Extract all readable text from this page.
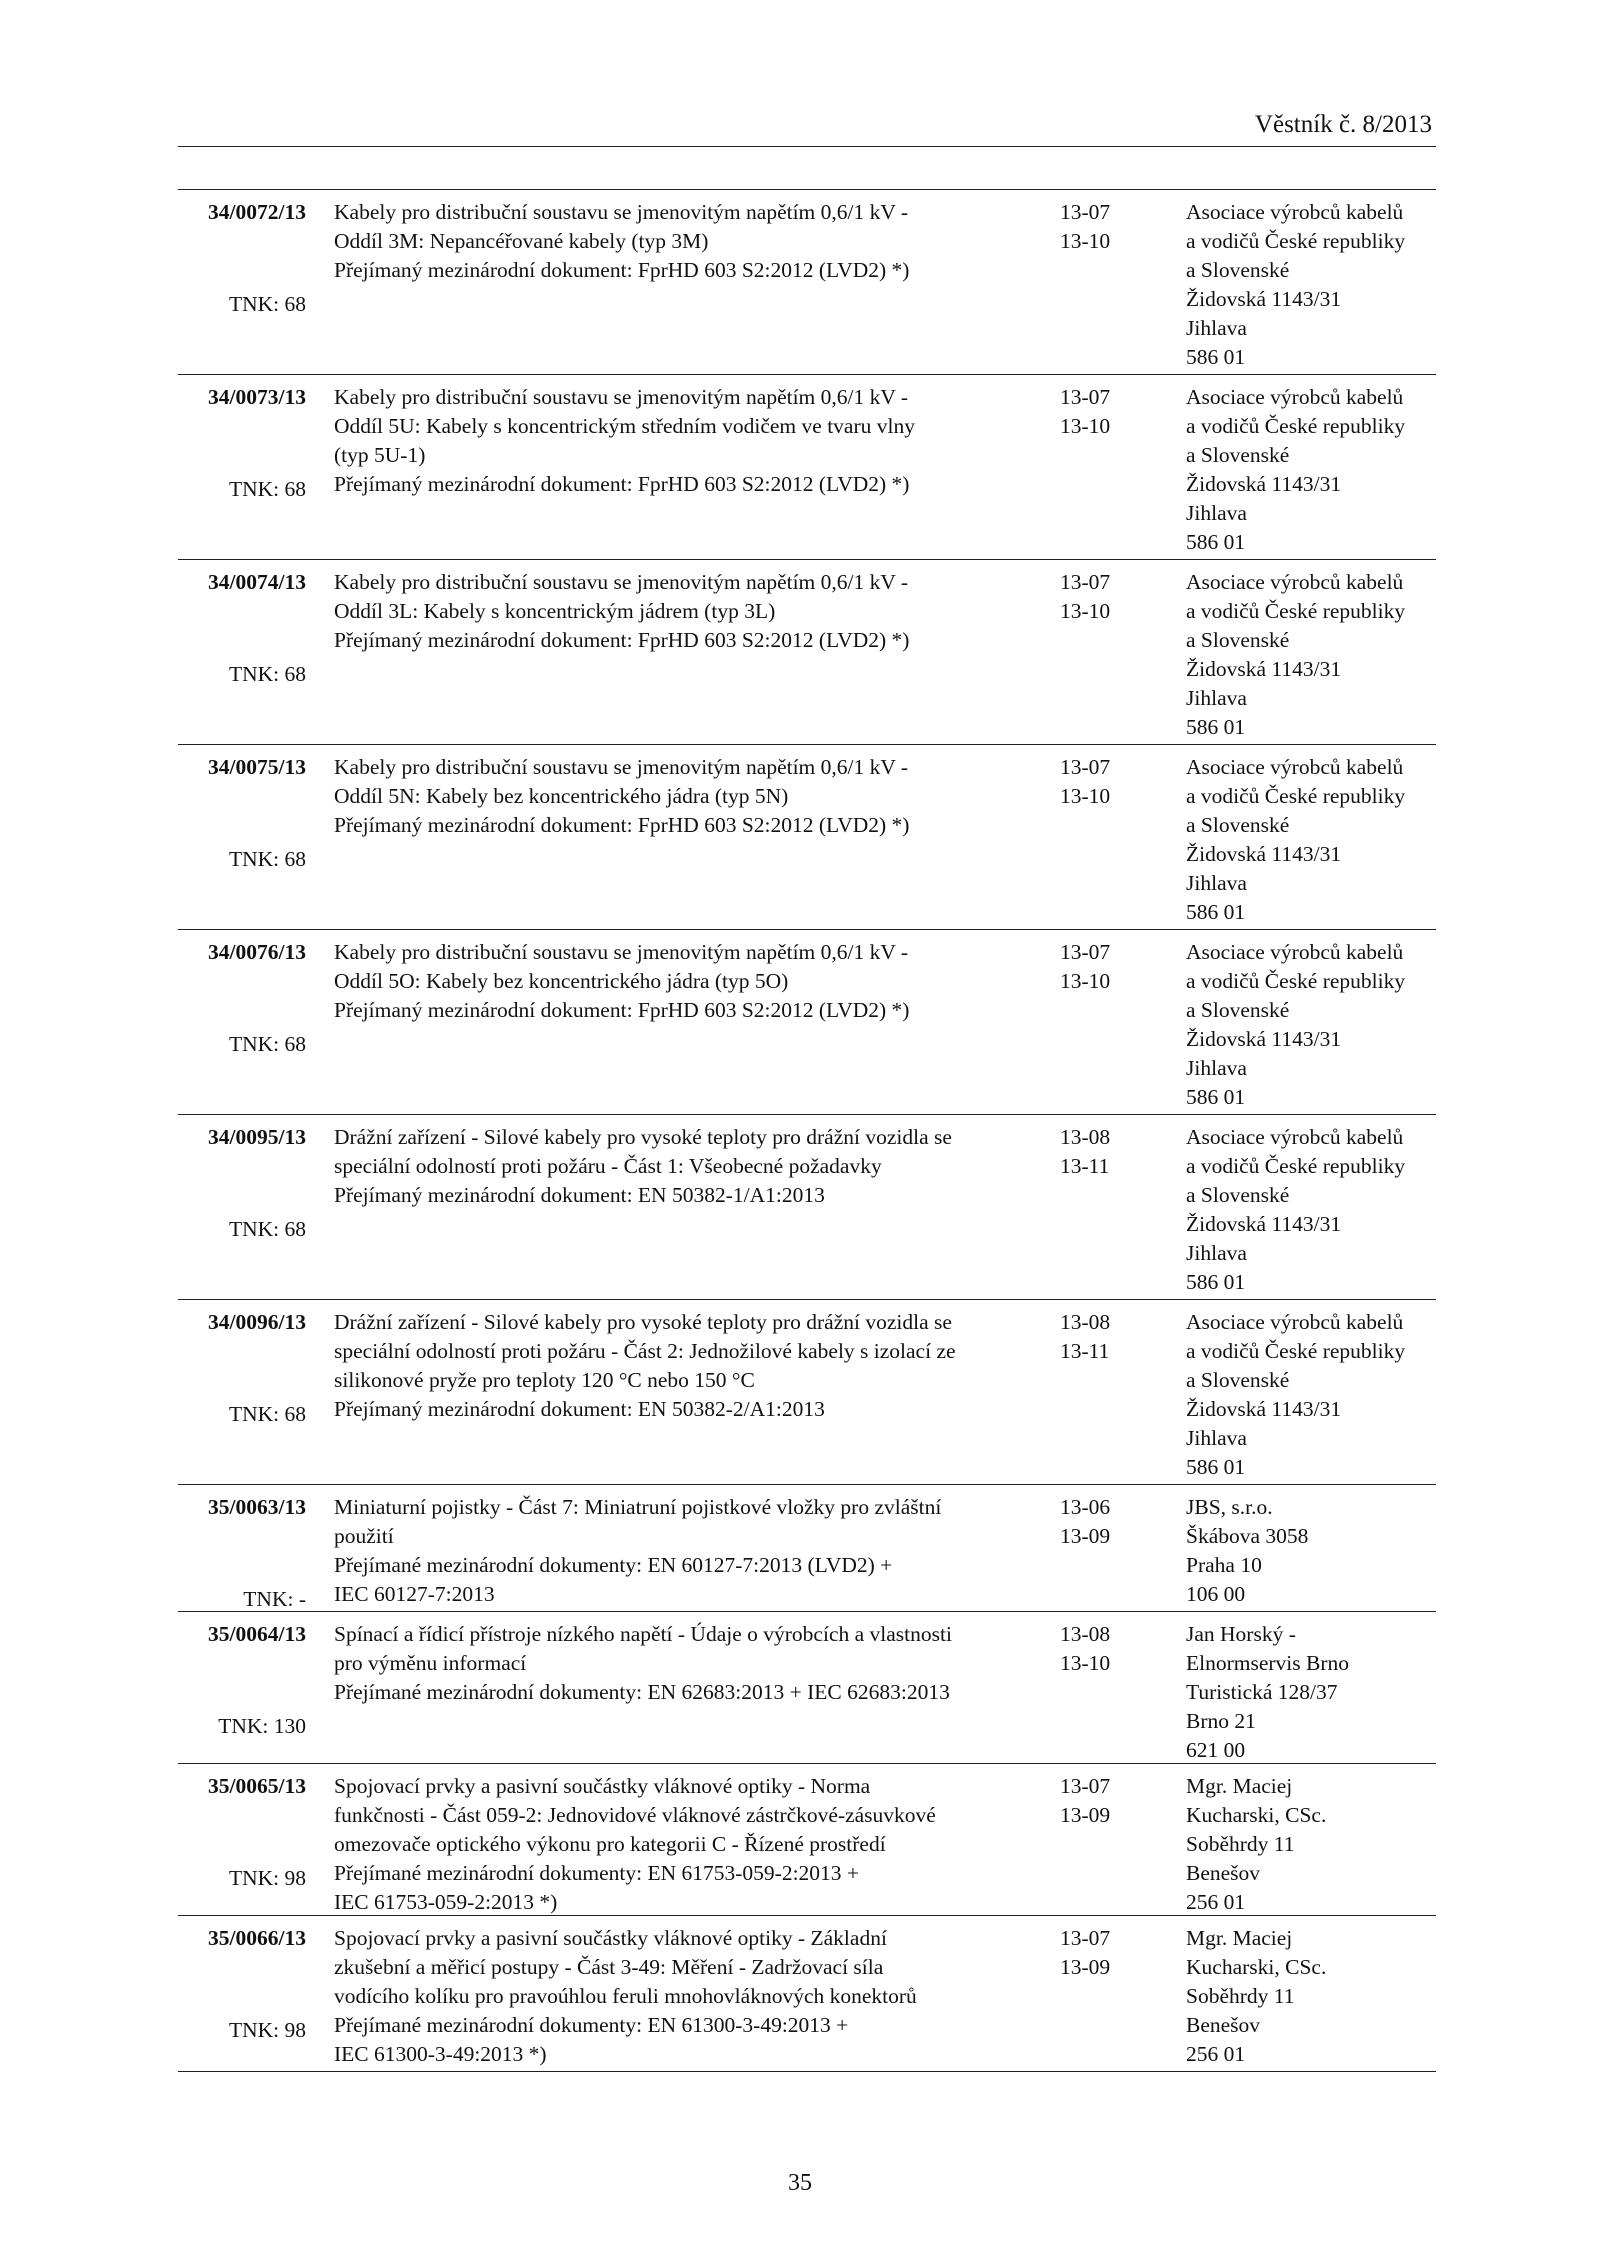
Věstník č. 8/2013
34/0072/13
TNK: 68
Kabely pro distribuční soustavu se jmenovitým napětím 0,6/1 kV -
Oddíl 3M: Nepancéřované kabely (typ 3M)
Přejímaný mezinárodní dokument: FprHD 603 S2:2012 (LVD2) *)
13-07
13-10
Asociace výrobců kabelů
a vodičů České republiky
a Slovenské
Židovská 1143/31
Jihlava
586 01
34/0073/13
TNK: 68
Kabely pro distribuční soustavu se jmenovitým napětím 0,6/1 kV -
Oddíl 5U: Kabely s koncentrickým středním vodičem ve tvaru vlny
(typ 5U-1)
Přejímaný mezinárodní dokument: FprHD 603 S2:2012 (LVD2) *)
13-07
13-10
Asociace výrobců kabelů
a vodičů České republiky
a Slovenské
Židovská 1143/31
Jihlava
586 01
34/0074/13
TNK: 68
Kabely pro distribuční soustavu se jmenovitým napětím 0,6/1 kV -
Oddíl 3L: Kabely s koncentrickým jádrem (typ 3L)
Přejímaný mezinárodní dokument: FprHD 603 S2:2012 (LVD2) *)
13-07
13-10
Asociace výrobců kabelů
a vodičů České republiky
a Slovenské
Židovská 1143/31
Jihlava
586 01
34/0075/13
TNK: 68
Kabely pro distribuční soustavu se jmenovitým napětím 0,6/1 kV -
Oddíl 5N: Kabely bez koncentrického jádra (typ 5N)
Přejímaný mezinárodní dokument: FprHD 603 S2:2012 (LVD2) *)
13-07
13-10
Asociace výrobců kabelů
a vodičů České republiky
a Slovenské
Židovská 1143/31
Jihlava
586 01
34/0076/13
TNK: 68
Kabely pro distribuční soustavu se jmenovitým napětím 0,6/1 kV -
Oddíl 5O: Kabely bez koncentrického jádra (typ 5O)
Přejímaný mezinárodní dokument: FprHD 603 S2:2012 (LVD2) *)
13-07
13-10
Asociace výrobců kabelů
a vodičů České republiky
a Slovenské
Židovská 1143/31
Jihlava
586 01
34/0095/13
TNK: 68
Drážní zařízení - Silové kabely pro vysoké teploty pro drážní vozidla se
speciální odolností proti požáru - Část 1: Všeobecné požadavky
Přejímaný mezinárodní dokument: EN 50382-1/A1:2013
13-08
13-11
Asociace výrobců kabelů
a vodičů České republiky
a Slovenské
Židovská 1143/31
Jihlava
586 01
34/0096/13
TNK: 68
Drážní zařízení - Silové kabely pro vysoké teploty pro drážní vozidla se
speciální odolností proti požáru - Část 2: Jednožilové kabely s izolací ze
silikonové pryže pro teploty 120 °C nebo 150 °C
Přejímaný mezinárodní dokument: EN 50382-2/A1:2013
13-08
13-11
Asociace výrobců kabelů
a vodičů České republiky
a Slovenské
Židovská 1143/31
Jihlava
586 01
35/0063/13
TNK: -
Miniaturní pojistky - Část 7: Miniatruní pojistkové vložky pro zvláštní
použití
Přejímané mezinárodní dokumenty: EN 60127-7:2013 (LVD2) +
IEC 60127-7:2013
13-06
13-09
JBS, s.r.o.
Škábova 3058
Praha 10
106 00
35/0064/13
TNK: 130
Spínací a řídicí přístroje nízkého napětí - Údaje o výrobcích a vlastnosti
pro výměnu informací
Přejímané mezinárodní dokumenty: EN 62683:2013 + IEC 62683:2013
13-08
13-10
Jan Horský -
Elnormservis Brno
Turistická 128/37
Brno 21
621 00
35/0065/13
TNK: 98
Spojovací prvky a pasivní součástky vláknové optiky - Norma
funkčnosti - Část 059-2: Jednovidové vláknové zástrčkové-zásuvkové
omezovače optického výkonu pro kategorii C - Řízené prostředí
Přejímané mezinárodní dokumenty: EN 61753-059-2:2013 +
IEC 61753-059-2:2013 *)
13-07
13-09
Mgr. Maciej
Kucharski, CSc.
Soběhrdy 11
Benešov
256 01
35/0066/13
TNK: 98
Spojovací prvky a pasivní součástky vláknové optiky - Základní
zkušební a měřicí postupy - Část 3-49: Měření - Zadržovací síla
vodícího kolíku pro pravoúhlou feruli mnohovláknových konektorů
Přejímané mezinárodní dokumenty: EN 61300-3-49:2013 +
IEC 61300-3-49:2013 *)
13-07
13-09
Mgr. Maciej
Kucharski, CSc.
Soběhrdy 11
Benešov
256 01
35
